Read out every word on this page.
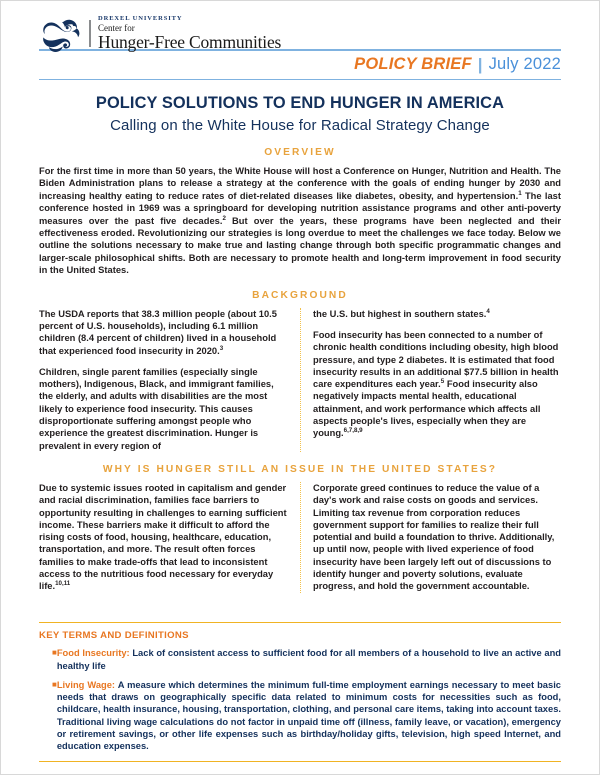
DREXEL UNIVERSITY
Center for
Hunger-Free Communities
POLICY BRIEF | July 2022
POLICY SOLUTIONS TO END HUNGER IN AMERICA
Calling on the White House for Radical Strategy Change
OVERVIEW
For the first time in more than 50 years, the White House will host a Conference on Hunger, Nutrition and Health. The Biden Administration plans to release a strategy at the conference with the goals of ending hunger by 2030 and increasing healthy eating to reduce rates of diet-related diseases like diabetes, obesity, and hypertension.$^1$ The last conference hosted in 1969 was a springboard for developing nutrition assistance programs and other anti-poverty measures over the past five decades.$^2$ But over the years, these programs have been neglected and their effectiveness eroded. Revolutionizing our strategies is long overdue to meet the challenges we face today. Below we outline the solutions necessary to make true and lasting change through both specific programmatic changes and larger-scale philosophical shifts. Both are necessary to promote health and long-term improvement in food security in the United States.
BACKGROUND

The USDA reports that 38.3 million people (about 10.5 percent of U.S. households), including 6.1 million children (8.4 percent of children) lived in a household that experienced food insecurity in 2020.$^3$

Children, single parent families (especially single mothers), Indigenous, Black, and immigrant families, the elderly, and adults with disabilities are the most likely to experience food insecurity. This causes disproportionate suffering amongst people who experience the greatest discrimination. Hunger is prevalent in every region of

the U.S. but highest in southern states.$^4$

Food insecurity has been connected to a number of chronic health conditions including obesity, high blood pressure, and type 2 diabetes. It is estimated that food insecurity results in an additional $77.5 billion in health care expenditures each year.$^5$ Food insecurity also negatively impacts mental health, educational attainment, and work performance which affects all aspects people's lives, especially when they are young.$^{6,7,8,9}$

WHY IS HUNGER STILL AN ISSUE IN THE UNITED STATES?

Due to systemic issues rooted in capitalism and gender and racial discrimination, families face barriers to opportunity resulting in challenges to earning sufficient income. These barriers make it difficult to afford the rising costs of food, housing, healthcare, education, transportation, and more. The result often forces families to make trade-offs that lead to inconsistent access to the nutritious food necessary for everyday life.$^{10,11}$

Corporate greed continues to reduce the value of a day's work and raise costs on goods and services. Limiting tax revenue from corporation reduces government support for families to realize their full potential and build a foundation to thrive. Additionally, up until now, people with lived experience of food insecurity have been largely left out of discussions to identify hunger and poverty solutions, evaluate progress, and hold the government accountable.

KEY TERMS AND DEFINITIONS
■ Food Insecurity: Lack of consistent access to sufficient food for all members of a household to live an active and healthy life
■ Living Wage: A measure which determines the minimum full-time employment earnings necessary to meet basic needs that draws on geographically specific data related to minimum costs for necessities such as food, childcare, health insurance, housing, transportation, clothing, and personal care items, taking into account taxes. Traditional living wage calculations do not factor in unpaid time off (illness, family leave, or vacation), emergency or retirement savings, or other life expenses such as birthday/holiday gifts, television, high speed Internet, and education expenses.
